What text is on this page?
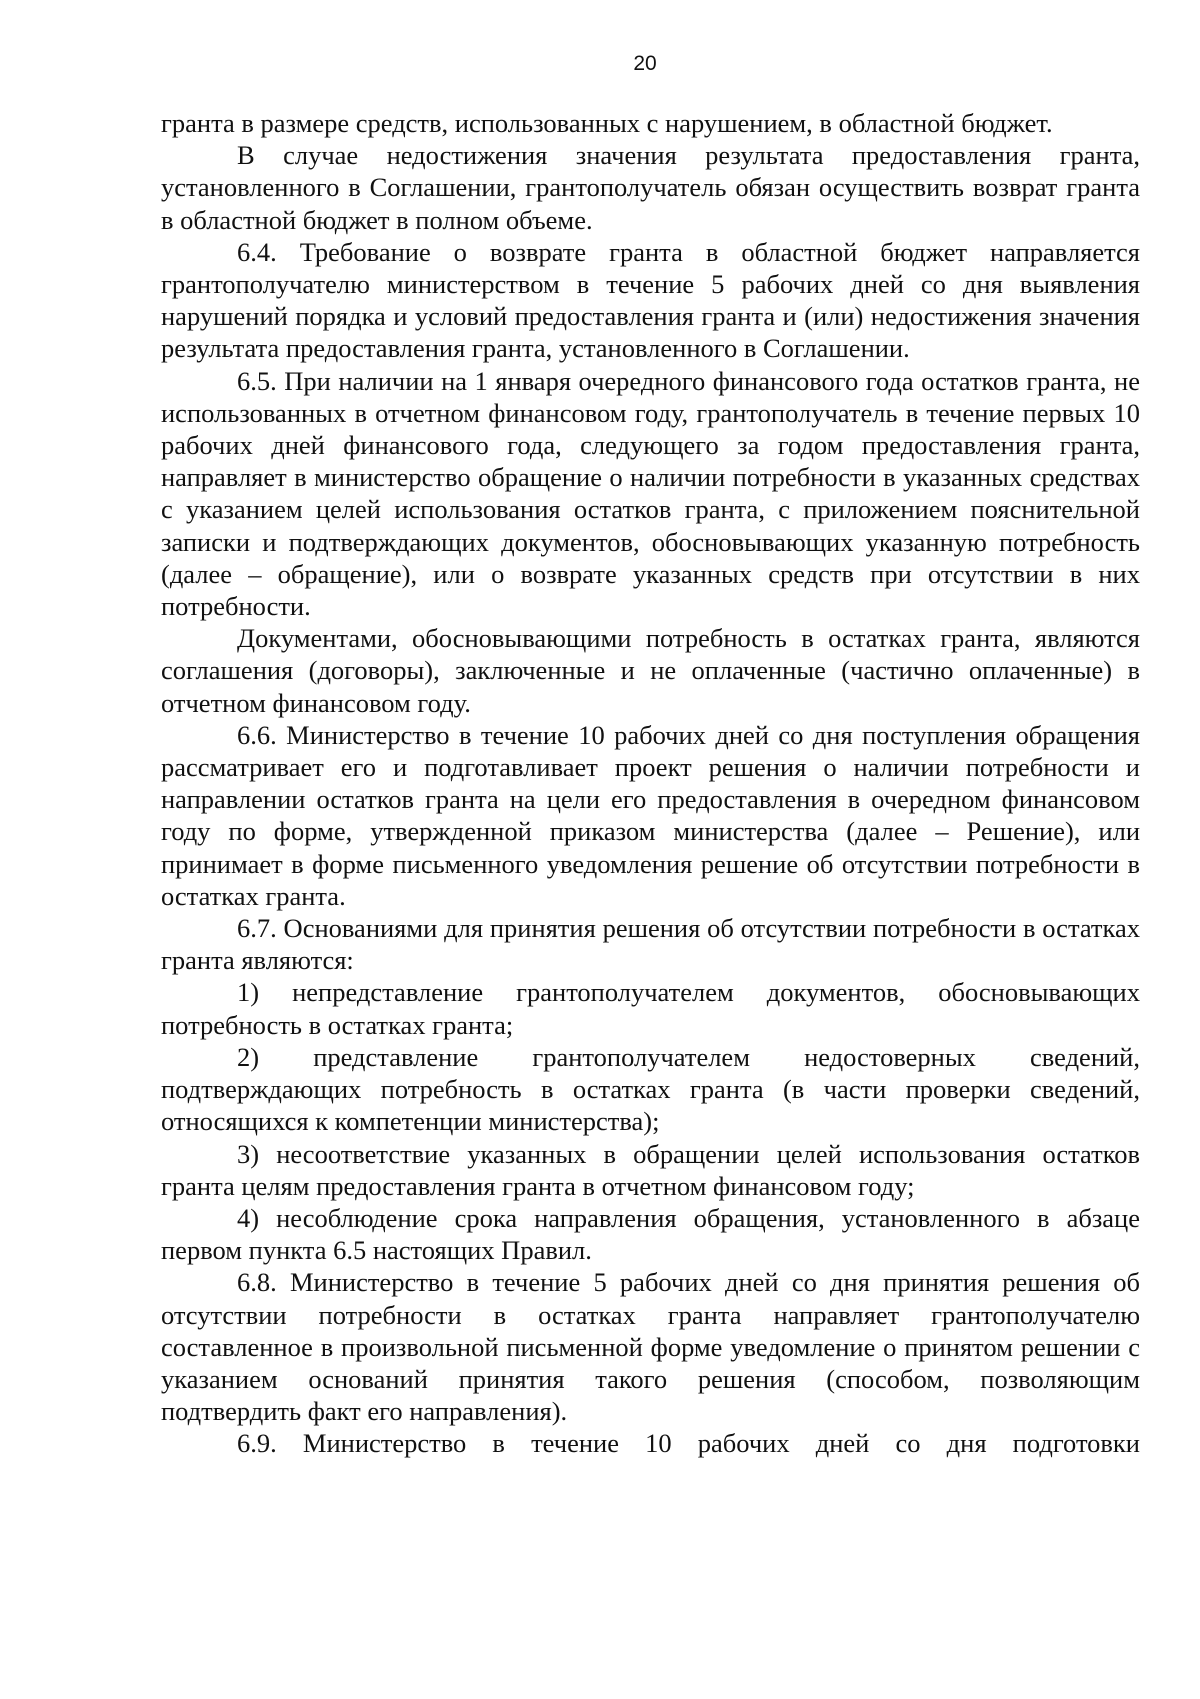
20

гранта в размере средств, использованных с нарушением, в областной бюджет.

В случае недостижения значения результата предоставления гранта, установленного в Соглашении, грантополучатель обязан осуществить возврат гранта в областной бюджет в полном объеме.

6.4. Требование о возврате гранта в областной бюджет направляется грантополучателю министерством в течение 5 рабочих дней со дня выявления нарушений порядка и условий предоставления гранта и (или) недостижения значения результата предоставления гранта, установленного в Соглашении.

6.5. При наличии на 1 января очередного финансового года остатков гранта, не использованных в отчетном финансовом году, грантополучатель в течение первых 10 рабочих дней финансового года, следующего за годом предоставления гранта, направляет в министерство обращение о наличии потребности в указанных средствах с указанием целей использования остатков гранта, с приложением пояснительной записки и подтверждающих документов, обосновывающих указанную потребность (далее – обращение), или о возврате указанных средств при отсутствии в них потребности.

Документами, обосновывающими потребность в остатках гранта, являются соглашения (договоры), заключенные и не оплаченные (частично оплаченные) в отчетном финансовом году.

6.6. Министерство в течение 10 рабочих дней со дня поступления обращения рассматривает его и подготавливает проект решения о наличии потребности и направлении остатков гранта на цели его предоставления в очередном финансовом году по форме, утвержденной приказом министерства (далее – Решение), или принимает в форме письменного уведомления решение об отсутствии потребности в остатках гранта.

6.7. Основаниями для принятия решения об отсутствии потребности в остатках гранта являются:

1) непредставление грантополучателем документов, обосновывающих потребность в остатках гранта;

2) представление грантополучателем недостоверных сведений, подтверждающих потребность в остатках гранта (в части проверки сведений, относящихся к компетенции министерства);

3) несоответствие указанных в обращении целей использования остатков гранта целям предоставления гранта в отчетном финансовом году;

4) несоблюдение срока направления обращения, установленного в абзаце первом пункта 6.5 настоящих Правил.

6.8. Министерство в течение 5 рабочих дней со дня принятия решения об отсутствии потребности в остатках гранта направляет грантополучателю составленное в произвольной письменной форме уведомление о принятом решении с указанием оснований принятия такого решения (способом, позволяющим подтвердить факт его направления).

6.9. Министерство в течение 10 рабочих дней со дня подготовки
